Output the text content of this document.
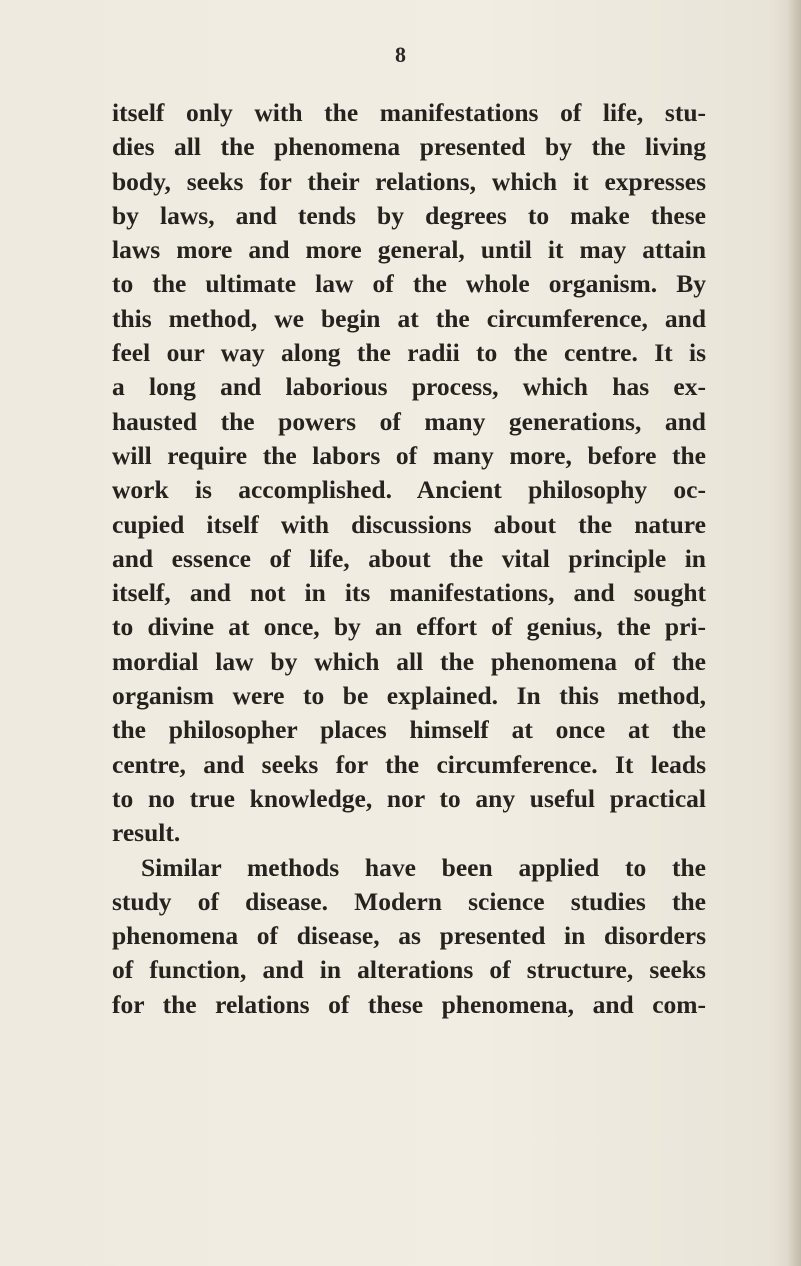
8
itself only with the manifestations of life, stu-
dies all the phenomena presented by the living
body, seeks for their relations, which it expresses
by laws, and tends by degrees to make these
laws more and more general, until it may attain
to the ultimate law of the whole organism. By
this method, we begin at the circumference, and
feel our way along the radii to the centre. It is
a long and laborious process, which has ex-
hausted the powers of many generations, and
will require the labors of many more, before the
work is accomplished. Ancient philosophy oc-
cupied itself with discussions about the nature
and essence of life, about the vital principle in
itself, and not in its manifestations, and sought
to divine at once, by an effort of genius, the pri-
mordial law by which all the phenomena of the
organism were to be explained. In this method,
the philosopher places himself at once at the
centre, and seeks for the circumference. It leads
to no true knowledge, nor to any useful practical
result.
Similar methods have been applied to the
study of disease. Modern science studies the
phenomena of disease, as presented in disorders
of function, and in alterations of structure, seeks
for the relations of these phenomena, and com-
